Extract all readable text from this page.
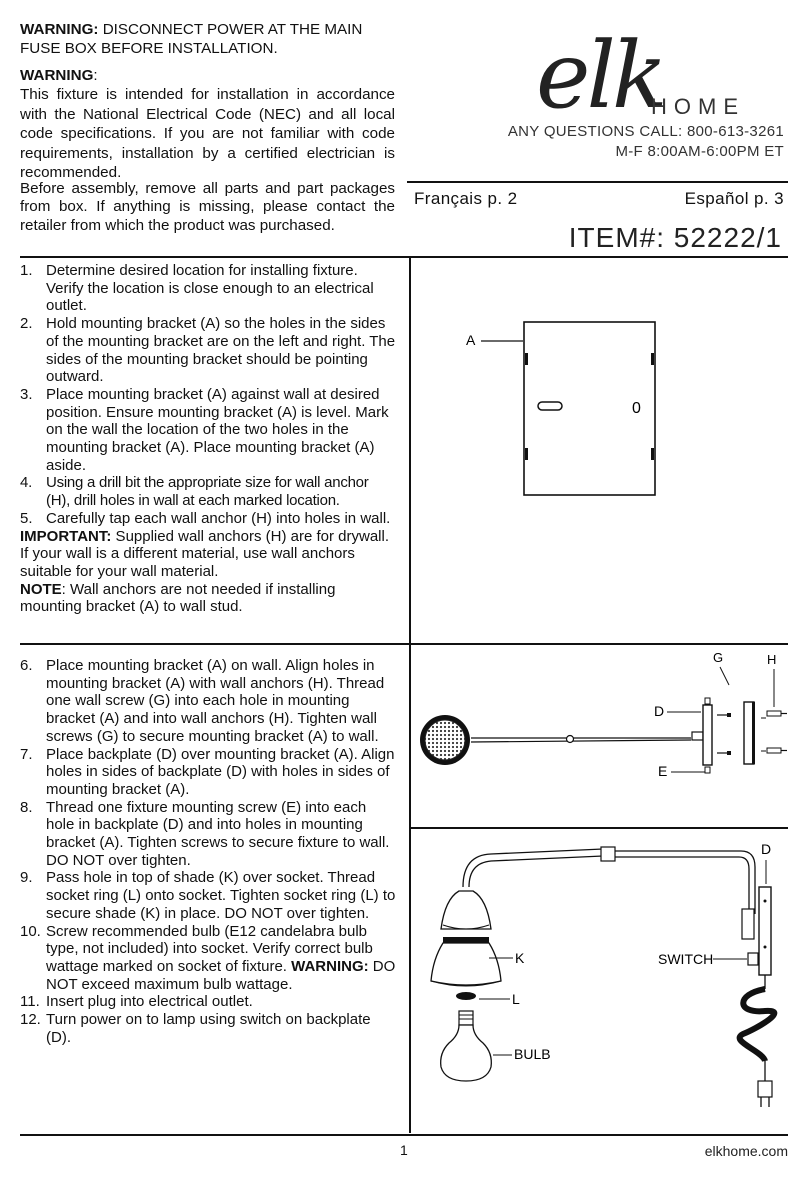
WARNING: DISCONNECT POWER AT THE MAIN FUSE BOX BEFORE INSTALLATION.
WARNING:
This fixture is intended for installation in accordance with the National Electrical Code (NEC) and all local code specifications. If you are not familiar with code requirements, installation by a certified electrician is recommended.
Before assembly, remove all parts and part packages from box. If anything is missing, please contact the retailer from which the product was purchased.
elk
HOME
ANY QUESTIONS CALL: 800-613-3261
M-F 8:00AM-6:00PM ET
Français p. 2	Español p. 3
ITEM#: 52222/1
1. Determine desired location for installing fixture. Verify the location is close enough to an electrical outlet.
2. Hold mounting bracket (A) so the holes in the sides of the mounting bracket are on the left and right. The sides of the mounting bracket should be pointing outward.
3. Place mounting bracket (A) against wall at desired position. Ensure mounting bracket (A) is level. Mark on the wall the location of the two holes in the mounting bracket (A). Place mounting bracket (A) aside.
4. Using a drill bit the appropriate size for wall anchor (H), drill holes in wall at each marked location.
5. Carefully tap each wall anchor (H) into holes in wall.
IMPORTANT: Supplied wall anchors (H) are for drywall. If your wall is a different material, use wall anchors suitable for your wall material.
NOTE: Wall anchors are not needed if installing mounting bracket (A) to wall stud.
6. Place mounting bracket (A) on wall. Align holes in mounting bracket (A) with wall anchors (H). Thread one wall screw (G) into each hole in mounting bracket (A) and into wall anchors (H). Tighten wall screws (G) to secure mounting bracket (A) to wall.
7. Place backplate (D) over mounting bracket (A). Align holes in sides of backplate (D) with holes in sides of mounting bracket (A).
8. Thread one fixture mounting screw (E) into each hole in backplate (D) and into holes in mounting bracket (A). Tighten screws to secure fixture to wall. DO NOT over tighten.
9. Pass hole in top of shade (K) over socket. Thread socket ring (L) onto socket. Tighten socket ring (L) to secure shade (K) in place. DO NOT over tighten.
10. Screw recommended bulb (E12 candelabra bulb type, not included) into socket. Verify correct bulb wattage marked on socket of fixture. WARNING: DO NOT exceed maximum bulb wattage.
11. Insert plug into electrical outlet.
12. Turn power on to lamp using switch on backplate (D).
A
0
G	H
D
E
K
L
BULB
D
SWITCH
1	elkhome.com
